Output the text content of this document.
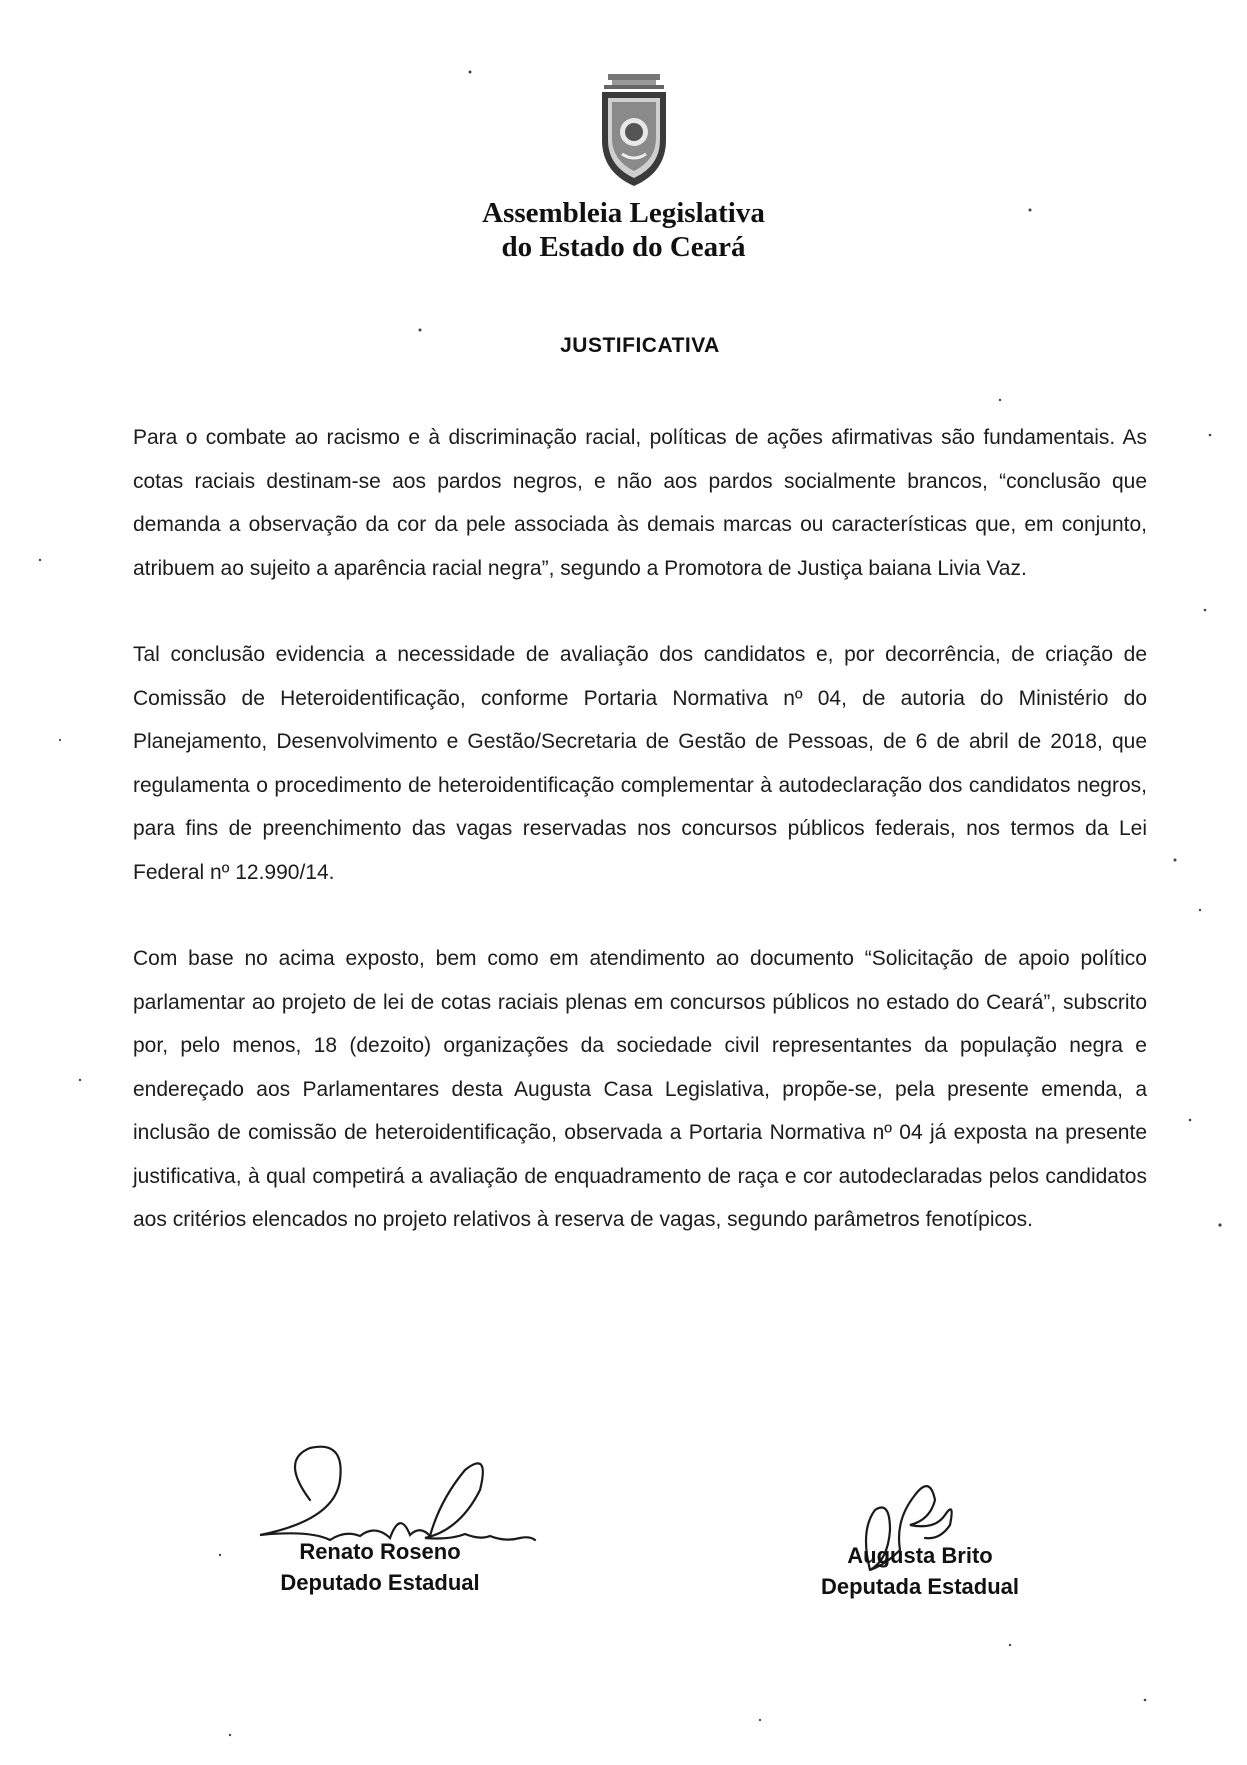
Assembleia Legislativa
do Estado do Ceará
JUSTIFICATIVA

Para o combate ao racismo e à discriminação racial, políticas de ações afirmativas são fundamentais. As cotas raciais destinam-se aos pardos negros, e não aos pardos socialmente brancos, “conclusão que demanda a observação da cor da pele associada às demais marcas ou características que, em conjunto, atribuem ao sujeito a aparência racial negra”, segundo a Promotora de Justiça baiana Livia Vaz.

Tal conclusão evidencia a necessidade de avaliação dos candidatos e, por decorrência, de criação de Comissão de Heteroidentificação, conforme Portaria Normativa nº 04, de autoria do Ministério do Planejamento, Desenvolvimento e Gestão/Secretaria de Gestão de Pessoas, de 6 de abril de 2018, que regulamenta o procedimento de heteroidentificação complementar à autodeclaração dos candidatos negros, para fins de preenchimento das vagas reservadas nos concursos públicos federais, nos termos da Lei Federal nº 12.990/14.

Com base no acima exposto, bem como em atendimento ao documento “Solicitação de apoio político parlamentar ao projeto de lei de cotas raciais plenas em concursos públicos no estado do Ceará”, subscrito por, pelo menos, 18 (dezoito) organizações da sociedade civil representantes da população negra e endereçado aos Parlamentares desta Augusta Casa Legislativa, propõe-se, pela presente emenda, a inclusão de comissão de heteroidentificação, observada a Portaria Normativa nº 04 já exposta na presente justificativa, à qual competirá a avaliação de enquadramento de raça e cor autodeclaradas pelos candidatos aos critérios elencados no projeto relativos à reserva de vagas, segundo parâmetros fenotípicos.

Renato Roseno
Deputado Estadual
Augusta Brito
Deputada Estadual
